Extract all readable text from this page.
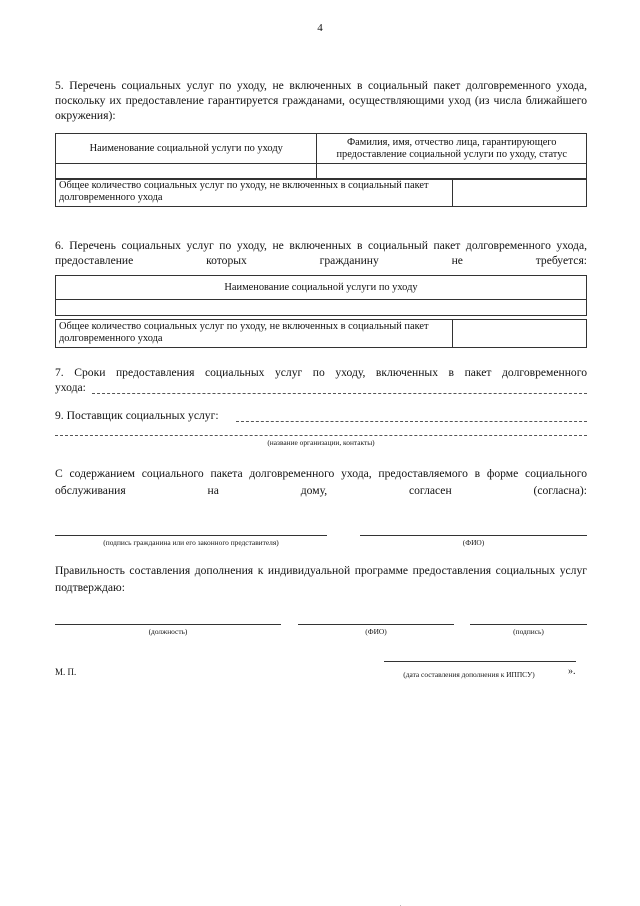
4
5. Перечень социальных услуг по уходу, не включенных в социальный пакет долговременного ухода, поскольку их предоставление гарантируется гражданами, осуществляющими уход (из числа ближайшего окружения):
Наименование социальной услуги по уходу	Фамилия, имя, отчество лица, гарантирующего предоставление социальной услуги по уходу, статус

Общее количество социальных услуг по уходу, не включенных в социальный пакет долговременного ухода	
6. Перечень социальных услуг по уходу, не включенных в социальный пакет долговременного ухода, предоставление которых гражданину не требуется:
Наименование социальной услуги по уходу

Общее количество социальных услуг по уходу, не включенных в социальный пакет долговременного ухода	
7. Сроки предоставления социальных услуг по уходу, включенных в пакет долговременного
ухода:
9. Поставщик социальных услуг:
(название организации, контакты)
С содержанием социального пакета долговременного ухода, предоставляемого в форме социального обслуживания на дому, согласен (согласна):
(подпись гражданина или его законного представителя)	(ФИО)
Правильность составления дополнения к индивидуальной программе предоставления социальных услуг подтверждаю:
(должность)	(ФИО)	(подпись)
М. П.	(дата составления дополнения к ИППСУ)	».
